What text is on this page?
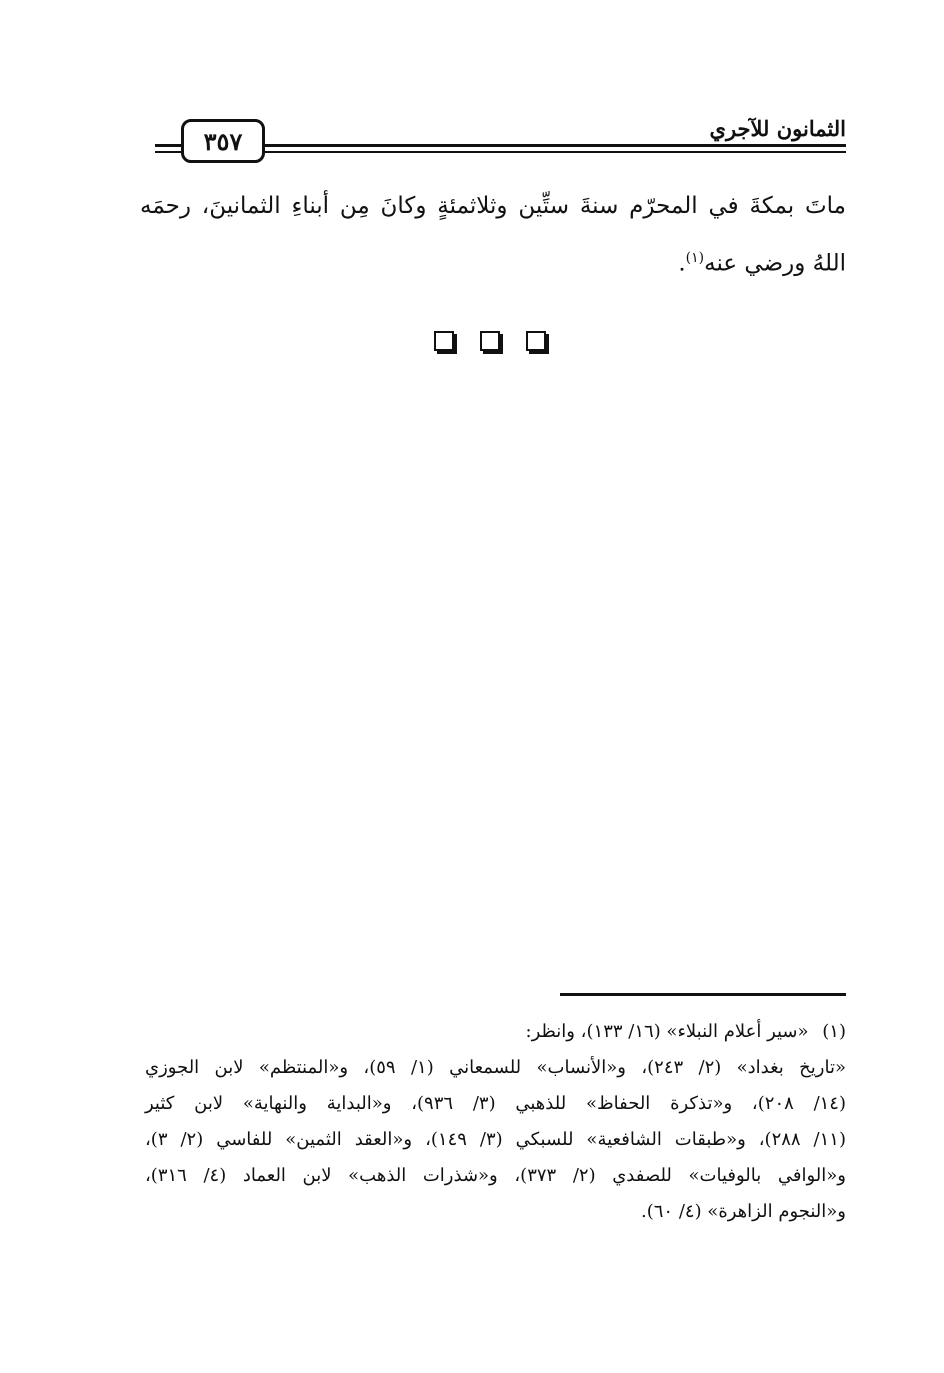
الثمانون للآجري
٣٥٧
ماتَ بمكةَ في المحرّم سنةَ ستِّين وثلاثمئةٍ وكانَ مِن أبناءِ الثمانينَ، رحمَه اللهُ ورضي عنه$^{(١)}$.
(١) «سير أعلام النبلاء» (١٦/ ١٣٣)، وانظر:
«تاريخ بغداد» (٢/ ٢٤٣)، و«الأنساب» للسمعاني (١/ ٥٩)، و«المنتظم» لابن الجوزي
(١٤/ ٢٠٨)، و«تذكرة الحفاظ» للذهبي (٣/ ٩٣٦)، و«البداية والنهاية» لابن كثير
(١١/ ٢٨٨)، و«طبقات الشافعية» للسبكي (٣/ ١٤٩)، و«العقد الثمين» للفاسي (٢/ ٣)،
و«الوافي بالوفيات» للصفدي (٢/ ٣٧٣)، و«شذرات الذهب» لابن العماد (٤/ ٣١٦)،
و«النجوم الزاهرة» (٤/ ٦٠).
